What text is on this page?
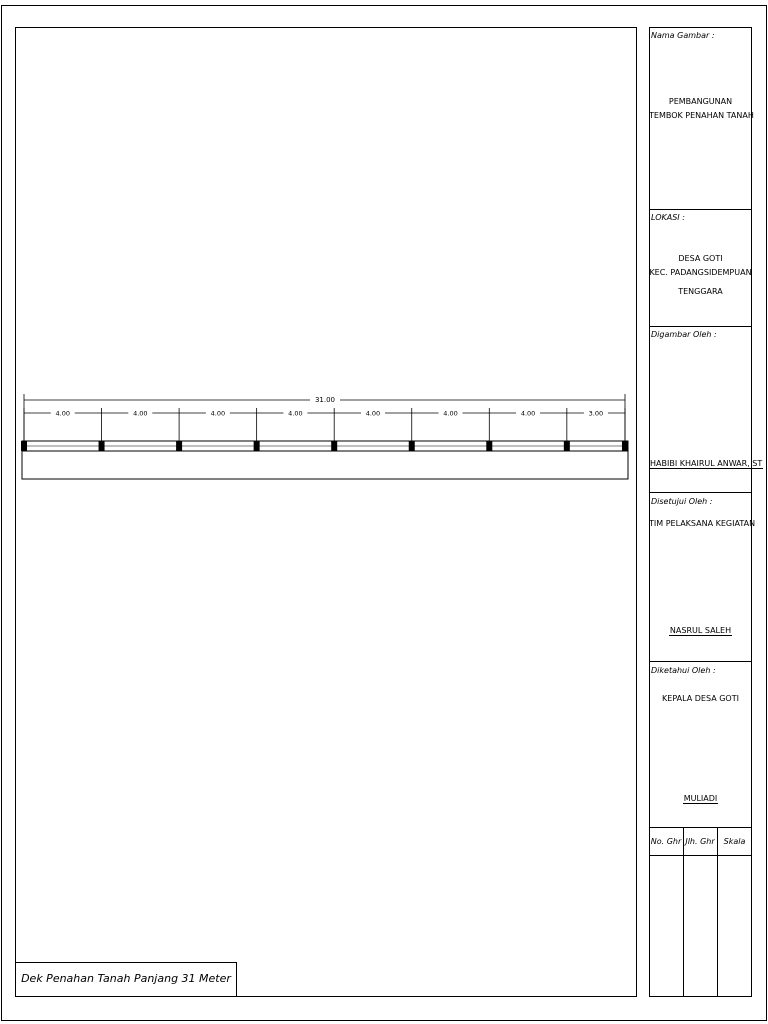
31.00
4.00	4.00	4.00	4.00	4.00	4.00	4.00	3.00
Dek Penahan Tanah Panjang 31 Meter
Nama Gambar :
PEMBANGUNAN
TEMBOK PENAHAN TANAH
LOKASI :
DESA GOTI
KEC. PADANGSIDEMPUAN
TENGGARA
Digambar Oleh :
HABIBI KHAIRUL ANWAR, ST
Disetujui Oleh :
TIM PELAKSANA KEGIATAN
NASRUL SALEH
Diketahui Oleh :
KEPALA DESA GOTI
MULIADI
No. Ghr Jlh. Ghr	Skala
